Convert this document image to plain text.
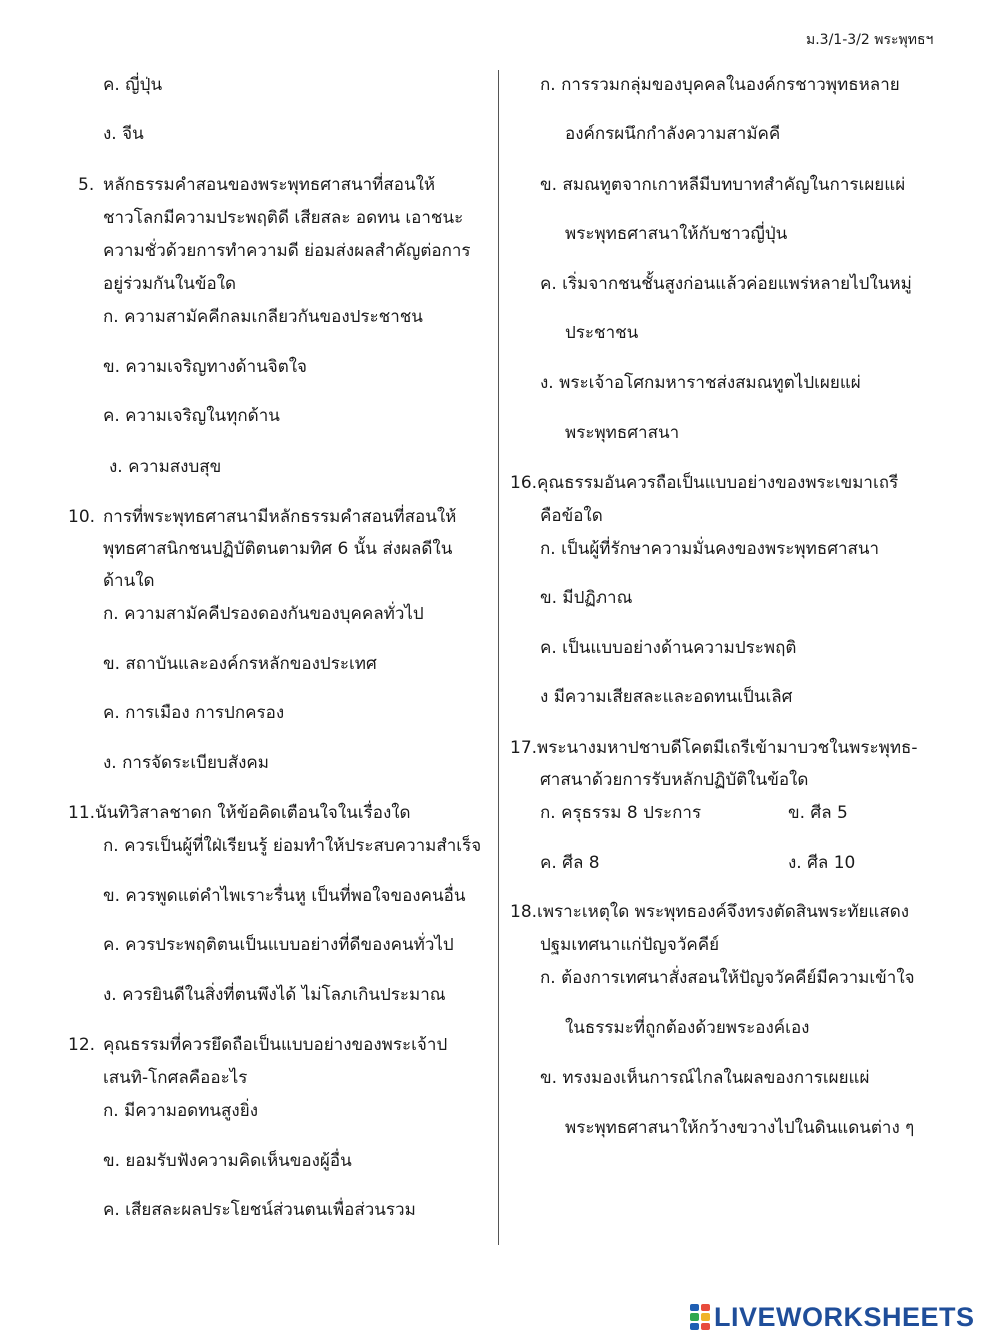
ม.3/1-3/2 พระพุทธฯ
ค. ญี่ปุ่น
ง. จีน
5. หลักธรรมคำสอนของพระพุทธศาสนาที่สอนให้
ชาวโลกมีความประพฤติดี เสียสละ อดทน เอาชนะ
ความชั่วด้วยการทำความดี ย่อมส่งผลสำคัญต่อการ
อยู่ร่วมกันในข้อใด
ก. ความสามัคคีกลมเกลียวกันของประชาชน
ข. ความเจริญทางด้านจิตใจ
ค. ความเจริญในทุกด้าน
ง. ความสงบสุข
10. การที่พระพุทธศาสนามีหลักธรรมคำสอนที่สอนให้
พุทธศาสนิกชนปฏิบัติตนตามทิศ 6 นั้น ส่งผลดีใน
ด้านใด
ก. ความสามัคคีปรองดองกันของบุคคลทั่วไป
ข. สถาบันและองค์กรหลักของประเทศ
ค. การเมือง การปกครอง
ง. การจัดระเบียบสังคม
11.นันทิวิสาลชาดก ให้ข้อคิดเตือนใจในเรื่องใด
ก. ควรเป็นผู้ที่ใฝ่เรียนรู้ ย่อมทำให้ประสบความสำเร็จ
ข. ควรพูดแต่คำไพเราะรื่นหู เป็นที่พอใจของคนอื่น
ค. ควรประพฤติตนเป็นแบบอย่างที่ดีของคนทั่วไป
ง. ควรยินดีในสิ่งที่ตนพึงได้ ไม่โลภเกินประมาณ
12. คุณธรรมที่ควรยึดถือเป็นแบบอย่างของพระเจ้าป
เสนทิ-โกศลคืออะไร
ก. มีความอดทนสูงยิ่ง
ข. ยอมรับฟังความคิดเห็นของผู้อื่น
ค. เสียสละผลประโยชน์ส่วนตนเพื่อส่วนรวม
ก. การรวมกลุ่มของบุคคลในองค์กรชาวพุทธหลาย
องค์กรผนึกกำลังความสามัคคี
ข. สมณทูตจากเกาหลีมีบทบาทสำคัญในการเผยแผ่
พระพุทธศาสนาให้กับชาวญี่ปุ่น
ค. เริ่มจากชนชั้นสูงก่อนแล้วค่อยแพร่หลายไปในหมู่
ประชาชน
ง. พระเจ้าอโศกมหาราชส่งสมณทูตไปเผยแผ่
พระพุทธศาสนา
16.คุณธรรมอันควรถือเป็นแบบอย่างของพระเขมาเถรี
คือข้อใด
ก. เป็นผู้ที่รักษาความมั่นคงของพระพุทธศาสนา
ข. มีปฏิภาณ
ค. เป็นแบบอย่างด้านความประพฤติ
ง มีความเสียสละและอดทนเป็นเลิศ
17.พระนางมหาปชาบดีโคตมีเถรีเข้ามาบวชในพระพุทธ-
ศาสนาด้วยการรับหลักปฏิบัติในข้อใด
ก. ครุธรรม 8 ประการ	ข. ศีล 5
ค. ศีล 8	ง. ศีล 10
18.เพราะเหตุใด พระพุทธองค์จึงทรงตัดสินพระทัยแสดง
ปฐมเทศนาแก่ปัญจวัคคีย์
ก. ต้องการเทศนาสั่งสอนให้ปัญจวัคคีย์มีความเข้าใจ
ในธรรมะที่ถูกต้องด้วยพระองค์เอง
ข. ทรงมองเห็นการณ์ไกลในผลของการเผยแผ่
พระพุทธศาสนาให้กว้างขวางไปในดินแดนต่าง ๆ
LIVEWORKSHEETS
